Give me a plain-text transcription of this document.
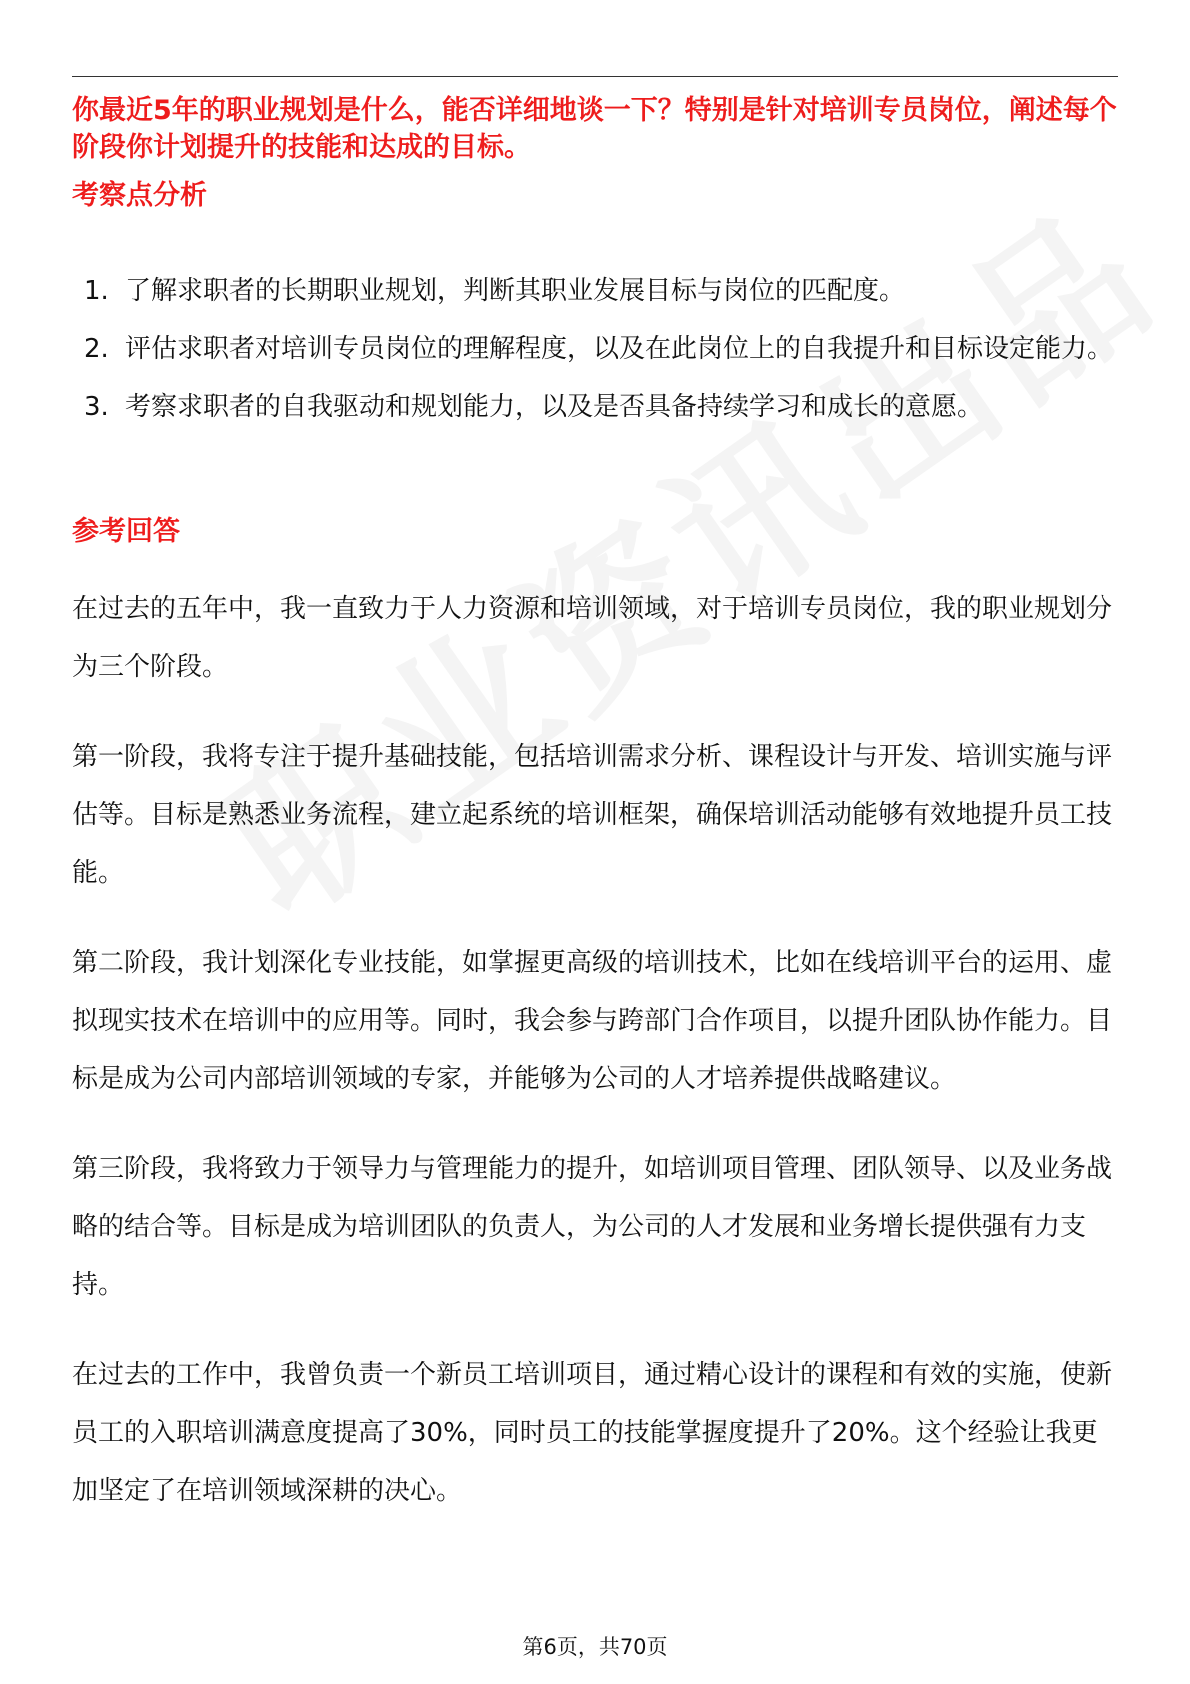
你最近5年的职业规划是什么，能否详细地谈一下？特别是针对培训专员岗位，阐述每个阶段你计划提升的技能和达成的目标。

考察点分析
1. 了解求职者的长期职业规划，判断其职业发展目标与岗位的匹配度。
2. 评估求职者对培训专员岗位的理解程度，以及在此岗位上的自我提升和目标设定能力。
3. 考察求职者的自我驱动和规划能力，以及是否具备持续学习和成长的意愿。
参考回答

在过去的五年中，我一直致力于人力资源和培训领域，对于培训专员岗位，我的职业规划分为三个阶段。

第一阶段，我将专注于提升基础技能，包括培训需求分析、课程设计与开发、培训实施与评估等。目标是熟悉业务流程，建立起系统的培训框架，确保培训活动能够有效地提升员工技能。

第二阶段，我计划深化专业技能，如掌握更高级的培训技术，比如在线培训平台的运用、虚拟现实技术在培训中的应用等。同时，我会参与跨部门合作项目，以提升团队协作能力。目标是成为公司内部培训领域的专家，并能够为公司的人才培养提供战略建议。

第三阶段，我将致力于领导力与管理能力的提升，如培训项目管理、团队领导、以及业务战略的结合等。目标是成为培训团队的负责人，为公司的人才发展和业务增长提供强有力支持。

在过去的工作中，我曾负责一个新员工培训项目，通过精心设计的课程和有效的实施，使新员工的入职培训满意度提高了30%，同时员工的技能掌握度提升了20%。这个经验让我更加坚定了在培训领域深耕的决心。

第6页，共70页
